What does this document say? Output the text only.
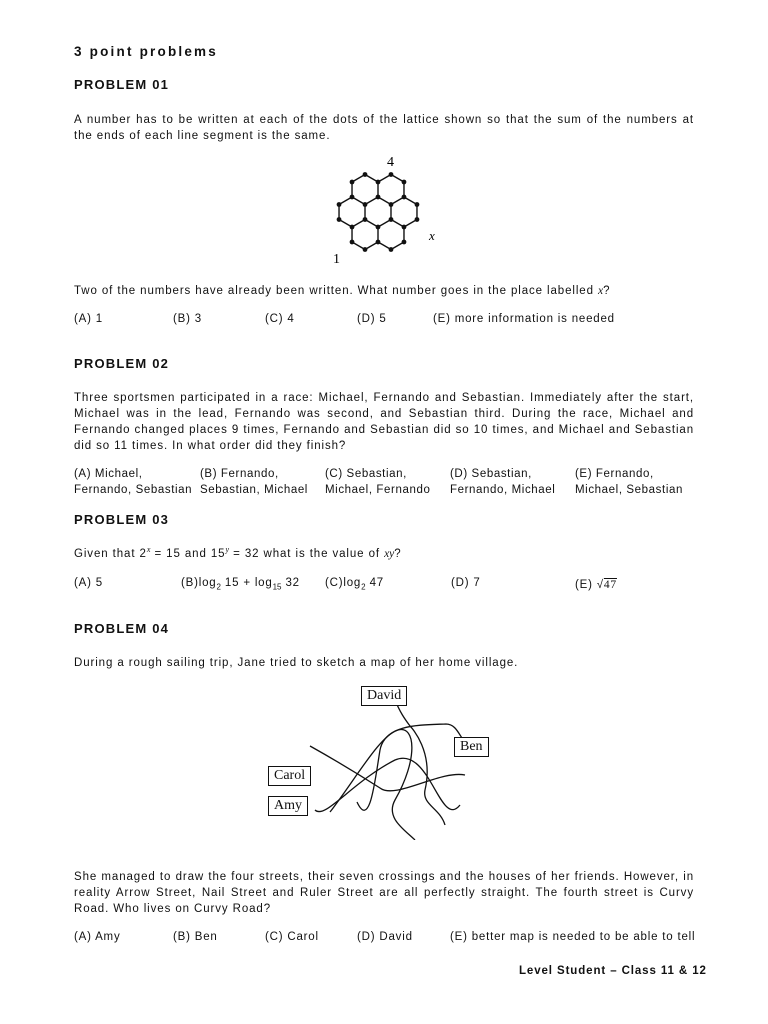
3 point problems
PROBLEM 01
A number has to be written at each of the dots of the lattice shown so that the sum of the numbers at the ends of each line segment is the same.
4
x
1
Two of the numbers have already been written. What number goes in the place labelled x?
(A) 1	(B) 3	(C) 4	(D) 5	(E) more information is needed
PROBLEM 02
Three sportsmen participated in a race: Michael, Fernando and Sebastian. Immediately after the start, Michael was in the lead, Fernando was second, and Sebastian third. During the race, Michael and Fernando changed places 9 times, Fernando and Sebastian did so 10 times, and Michael and Sebastian did so 11 times. In what order did they finish?
(A) Michael,
Fernando, Sebastian
(B) Fernando,
Sebastian, Michael
(C) Sebastian,
Michael, Fernando
(D) Sebastian,
Fernando, Michael
(E) Fernando,
Michael, Sebastian
PROBLEM 03
Given that $2^x = 15$ and $15^y = 32$ what is the value of xy?
(A) 5	$(B)\log_2$ $15 + \log_{15} 32$ $(C)\log_2$ 47	(D) 7	(E) √47
PROBLEM 04
During a rough sailing trip, Jane tried to sketch a map of her home village.
David
Ben
Carol
Amy
She managed to draw the four streets, their seven crossings and the houses of her friends. However, in reality Arrow Street, Nail Street and Ruler Street are all perfectly straight. The fourth street is Curvy Road. Who lives on Curvy Road?
(A) Amy	(B) Ben	(C) Carol	(D) David	(E) better map is needed to be able to tell
Level Student – Class 11 & 12
